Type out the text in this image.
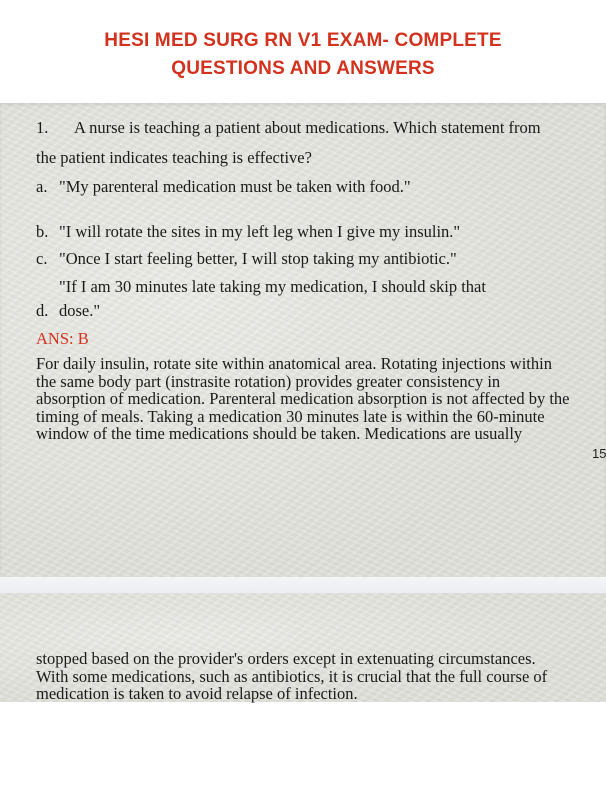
HESI MED SURG RN V1 EXAM- COMPLETE
QUESTIONS AND ANSWERS
1. A nurse is teaching a patient about medications. Which statement from
the patient indicates teaching is effective?
a. "My parenteral medication must be taken with food."
b. "I will rotate the sites in my left leg when I give my insulin."
c. "Once I start feeling better, I will stop taking my antibiotic."
"If I am 30 minutes late taking my medication, I should skip that
d. dose."
ANS: B
For daily insulin, rotate site within anatomical area. Rotating injections within
the same body part (instrasite rotation) provides greater consistency in
absorption of medication. Parenteral medication absorption is not affected by the
timing of meals. Taking a medication 30 minutes late is within the 60-minute
window of the time medications should be taken. Medications are usually
15
stopped based on the provider's orders except in extenuating circumstances.
With some medications, such as antibiotics, it is crucial that the full course of
medication is taken to avoid relapse of infection.
